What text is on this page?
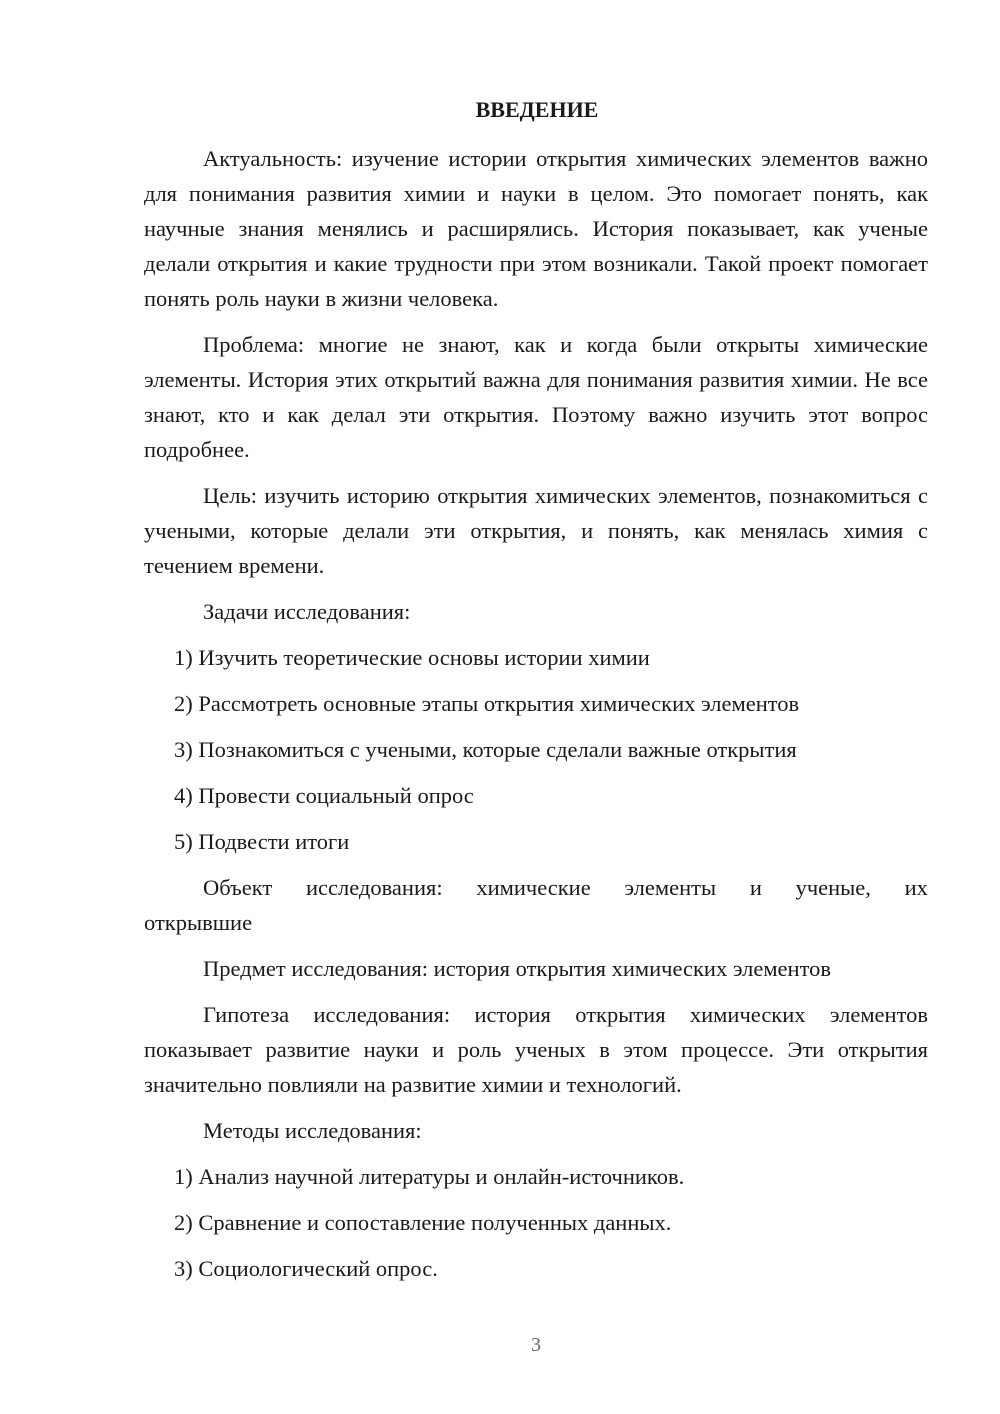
ВВЕДЕНИЕ

Актуальность: изучение истории открытия химических элементов важно для понимания развития химии и науки в целом. Это помогает понять, как научные знания менялись и расширялись. История показывает, как ученые делали открытия и какие трудности при этом возникали. Такой проект помогает понять роль науки в жизни человека.

Проблема: многие не знают, как и когда были открыты химические элементы. История этих открытий важна для понимания развития химии. Не все знают, кто и как делал эти открытия. Поэтому важно изучить этот вопрос подробнее.

Цель: изучить историю открытия химических элементов, познакомиться с учеными, которые делали эти открытия, и понять, как менялась химия с течением времени.

Задачи исследования:
1) Изучить теоретические основы истории химии
2) Рассмотреть основные этапы открытия химических элементов
3) Познакомиться с учеными, которые сделали важные открытия
4) Провести социальный опрос
5) Подвести итоги
Объект исследования: химические элементы и ученые, их
открывшие
Предмет исследования: история открытия химических элементов

Гипотеза исследования: история открытия химических элементов показывает развитие науки и роль ученых в этом процессе. Эти открытия значительно повлияли на развитие химии и технологий.

Методы исследования:
1) Анализ научной литературы и онлайн-источников.
2) Сравнение и сопоставление полученных данных.
3) Социологический опрос.
3
